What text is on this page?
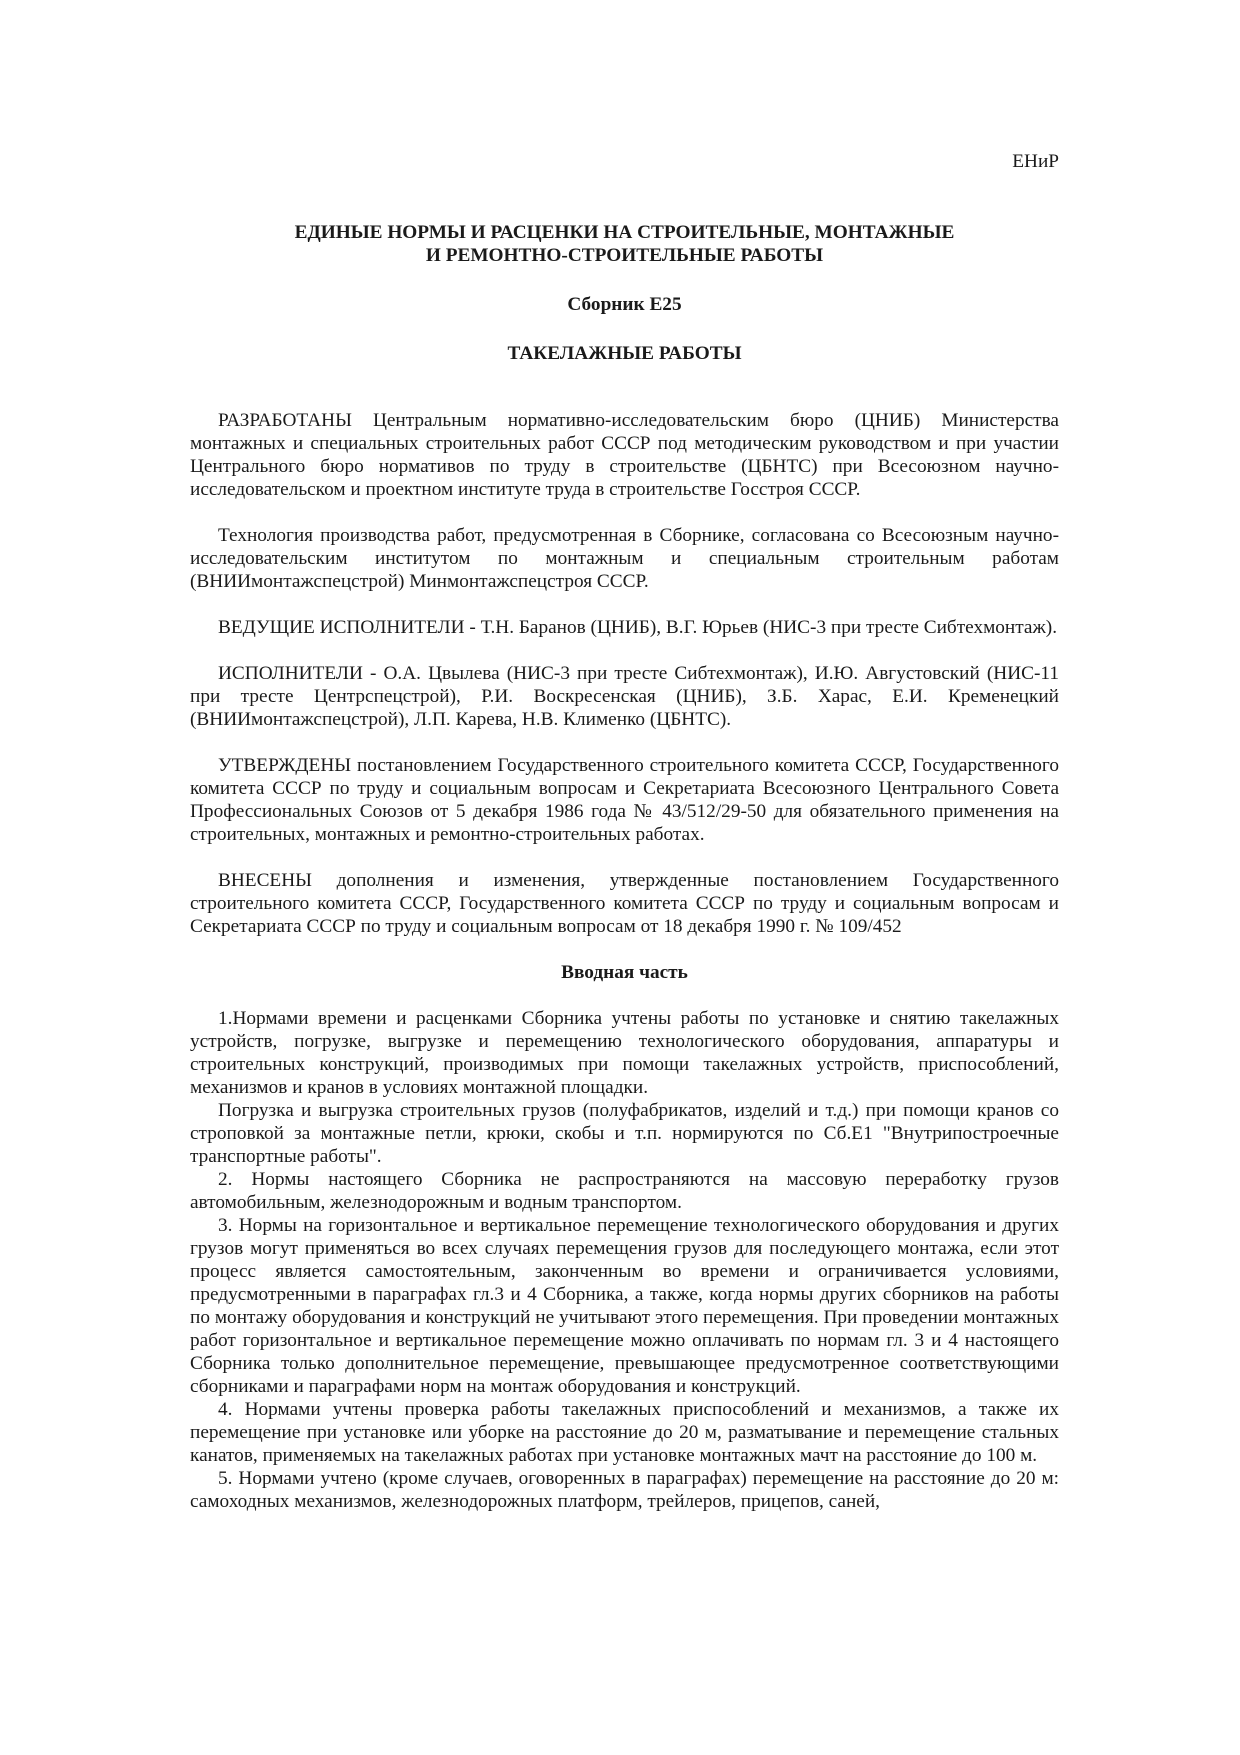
ЕНиР

ЕДИНЫЕ НОРМЫ И РАСЦЕНКИ НА СТРОИТЕЛЬНЫЕ, МОНТАЖНЫЕ
И РЕМОНТНО-СТРОИТЕЛЬНЫЕ РАБОТЫ

Сборник Е25

ТАКЕЛАЖНЫЕ РАБОТЫ

РАЗРАБОТАНЫ Центральным нормативно-исследовательским бюро (ЦНИБ) Министерства монтажных и специальных строительных работ СССР под методическим руководством и при участии Центрального бюро нормативов по труду в строительстве (ЦБНТС) при Всесоюзном научно-исследовательском и проектном институте труда в строительстве Госстроя СССР.

Технология производства работ, предусмотренная в Сборнике, согласована со Всесоюзным научно-исследовательским институтом по монтажным и специальным строительным работам (ВНИИмонтажспецстрой) Минмонтажспецстроя СССР.

ВЕДУЩИЕ ИСПОЛНИТЕЛИ - Т.Н. Баранов (ЦНИБ), В.Г. Юрьев (НИС-3 при тресте Сибтехмонтаж).

ИСПОЛНИТЕЛИ - О.А. Цвылева (НИС-3 при тресте Сибтехмонтаж), И.Ю. Августовский (НИС-11 при тресте Центрспецстрой), Р.И. Воскресенская (ЦНИБ), З.Б. Харас, Е.И. Кременецкий (ВНИИмонтажспецстрой), Л.П. Карева, Н.В. Клименко (ЦБНТС).

УТВЕРЖДЕНЫ постановлением Государственного строительного комитета СССР, Государственного комитета СССР по труду и социальным вопросам и Секретариата Всесоюзного Центрального Совета Профессиональных Союзов от 5 декабря 1986 года № 43/512/29-50 для обязательного применения на строительных, монтажных и ремонтно-строительных работах.

ВНЕСЕНЫ дополнения и изменения, утвержденные постановлением Государственного строительного комитета СССР, Государственного комитета СССР по труду и социальным вопросам и Секретариата СССР по труду и социальным вопросам от 18 декабря 1990 г. № 109/452

Вводная часть

1.Нормами времени и расценками Сборника учтены работы по установке и снятию такелажных устройств, погрузке, выгрузке и перемещению технологического оборудования, аппаратуры и строительных конструкций, производимых при помощи такелажных устройств, приспособлений, механизмов и кранов в условиях монтажной площадки.

Погрузка и выгрузка строительных грузов (полуфабрикатов, изделий и т.д.) при помощи кранов со строповкой за монтажные петли, крюки, скобы и т.п. нормируются по Сб.Е1 "Внутрипостроечные транспортные работы".

2. Нормы настоящего Сборника не распространяются на массовую переработку грузов автомобильным, железнодорожным и водным транспортом.

3. Нормы на горизонтальное и вертикальное перемещение технологического оборудования и других грузов могут применяться во всех случаях перемещения грузов для последующего монтажа, если этот процесс является самостоятельным, законченным во времени и ограничивается условиями, предусмотренными в параграфах гл.3 и 4 Сборника, а также, когда нормы других сборников на работы по монтажу оборудования и конструкций не учитывают этого перемещения. При проведении монтажных работ горизонтальное и вертикальное перемещение можно оплачивать по нормам гл. 3 и 4 настоящего Сборника только дополнительное перемещение, превышающее предусмотренное соответствующими сборниками и параграфами норм на монтаж оборудования и конструкций.

4. Нормами учтены проверка работы такелажных приспособлений и механизмов, а также их перемещение при установке или уборке на расстояние до 20 м, разматывание и перемещение стальных канатов, применяемых на такелажных работах при установке монтажных мачт на расстояние до 100 м.

5. Нормами учтено (кроме случаев, оговоренных в параграфах) перемещение на расстояние до 20 м: самоходных механизмов, железнодорожных платформ, трейлеров, прицепов, саней,
